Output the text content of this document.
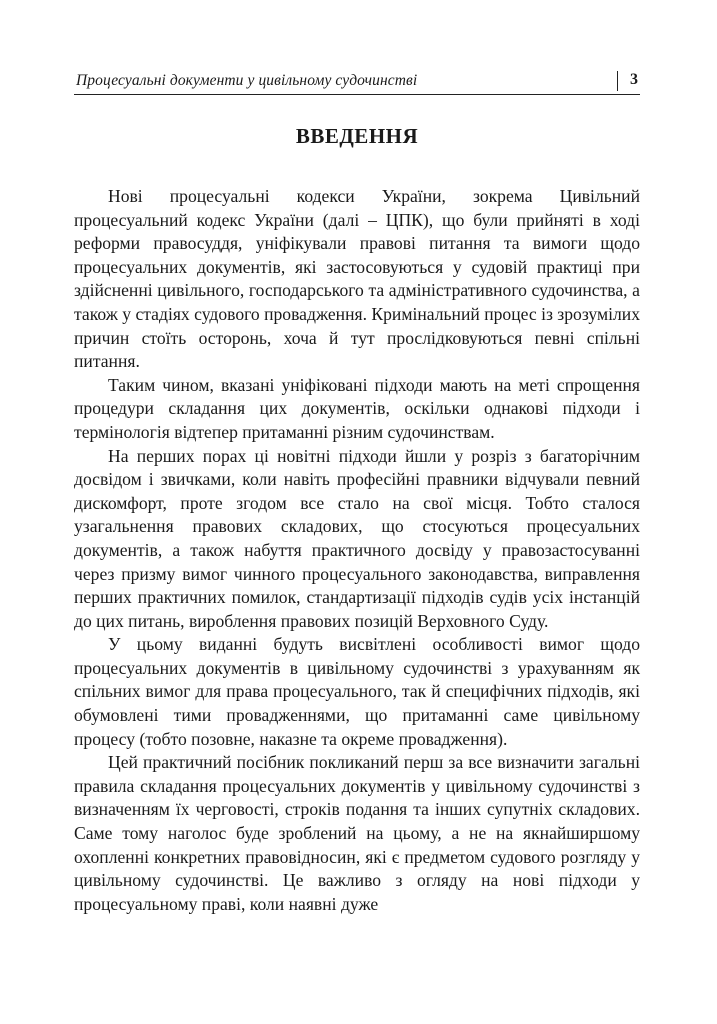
Процесуальні документи у цивільному судочинстві	3
ВВЕДЕННЯ

Нові процесуальні кодекси України, зокрема Цивільний процесуальний кодекс України (далі – ЦПК), що були прийняті в ході реформи правосуддя, уніфікували правові питання та вимоги щодо процесуальних документів, які застосовуються у судовій практиці при здійсненні цивільного, господарського та адміністративного судочинства, а також у стадіях судового провадження. Кримінальний процес із зрозумілих причин стоїть осторонь, хоча й тут прослідковуються певні спільні питання.

Таким чином, вказані уніфіковані підходи мають на меті спрощення процедури складання цих документів, оскільки однакові підходи і термінологія відтепер притаманні різним судочинствам.

На перших порах ці новітні підходи йшли у розріз з багаторічним досвідом і звичками, коли навіть професійні правники відчували певний дискомфорт, проте згодом все стало на свої місця. Тобто сталося узагальнення правових складових, що стосуються процесуальних документів, а також набуття практичного досвіду у правозастосуванні через призму вимог чинного процесуального законодавства, виправлення перших практичних помилок, стандартизації підходів судів усіх інстанцій до цих питань, вироблення правових позицій Верховного Суду.

У цьому виданні будуть висвітлені особливості вимог щодо процесуальних документів в цивільному судочинстві з урахуванням як спільних вимог для права процесуального, так й специфічних підходів, які обумовлені тими провадженнями, що притаманні саме цивільному процесу (тобто позовне, наказне та окреме провадження).

Цей практичний посібник покликаний перш за все визначити загальні правила складання процесуальних документів у цивільному судочинстві з визначенням їх черговості, строків подання та інших супутніх складових. Саме тому наголос буде зроблений на цьому, а не на якнайширшому охопленні конкретних правовідносин, які є предметом судового розгляду у цивільному судочинстві. Це важливо з огляду на нові підходи у процесуальному праві, коли наявні дуже
